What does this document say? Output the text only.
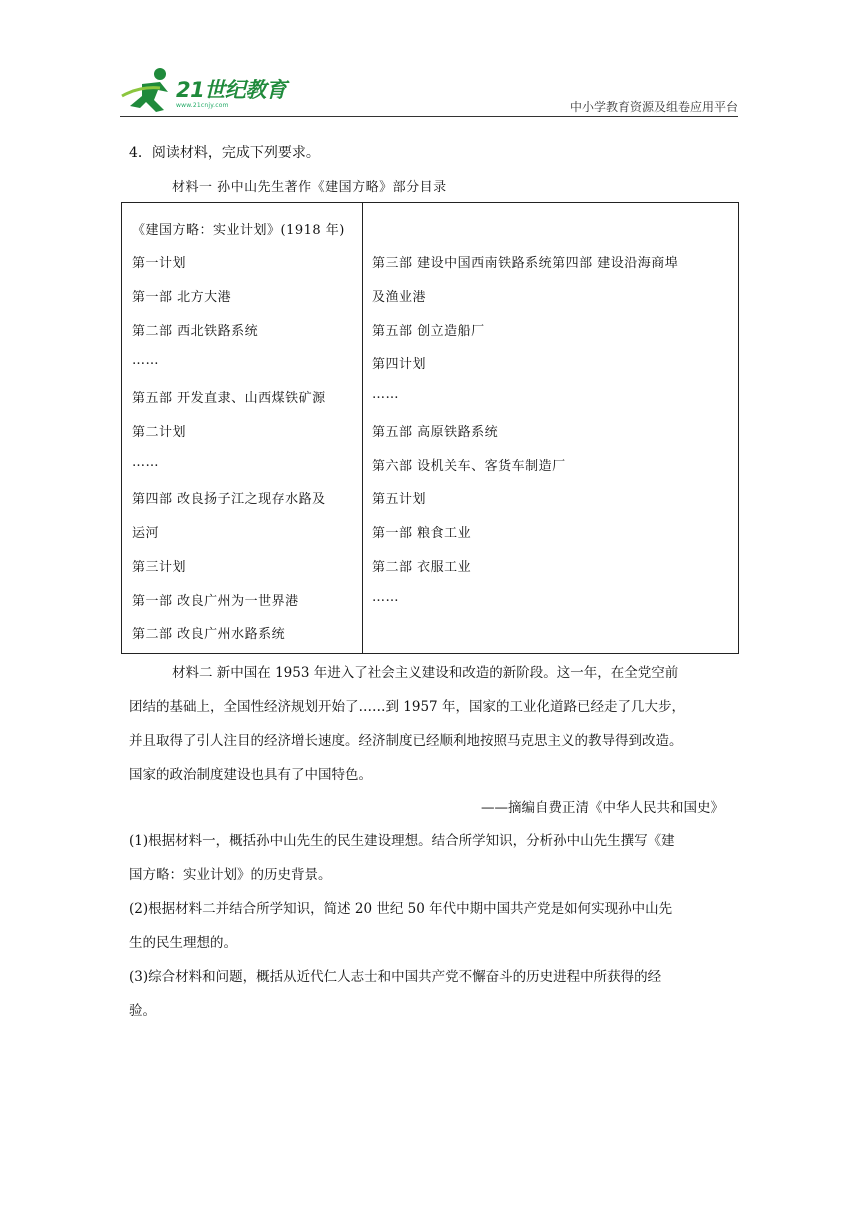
21世纪教育
www.21cnjy.com	中小学教育资源及组卷应用平台
4．阅读材料，完成下列要求。
材料一 孙中山先生著作《建国方略》部分目录
《建国方略：实业计划》(1918 年)
第一计划
第一部 北方大港
第二部 西北铁路系统
……
第五部 开发直隶、山西煤铁矿源
第二计划
……
第四部 改良扬子江之现存水路及
运河
第三计划
第一部 改良广州为一世界港
第二部 改良广州水路系统
第三部 建设中国西南铁路系统第四部 建设沿海商埠
及渔业港
第五部 创立造船厂
第四计划
……
第五部 高原铁路系统
第六部 设机关车、客货车制造厂
第五计划
第一部 粮食工业
第二部 衣服工业
……
材料二 新中国在 1953 年进入了社会主义建设和改造的新阶段。这一年，在全党空前
团结的基础上，全国性经济规划开始了……到 1957 年，国家的工业化道路已经走了几大步，
并且取得了引人注目的经济增长速度。经济制度已经顺利地按照马克思主义的教导得到改造。
国家的政治制度建设也具有了中国特色。
——摘编自费正清《中华人民共和国史》
(1)根据材料一，概括孙中山先生的民生建设理想。结合所学知识，分析孙中山先生撰写《建
国方略：实业计划》的历史背景。
(2)根据材料二并结合所学知识，简述 20 世纪 50 年代中期中国共产党是如何实现孙中山先
生的民生理想的。
(3)综合材料和问题，概括从近代仁人志士和中国共产党不懈奋斗的历史进程中所获得的经
验。
